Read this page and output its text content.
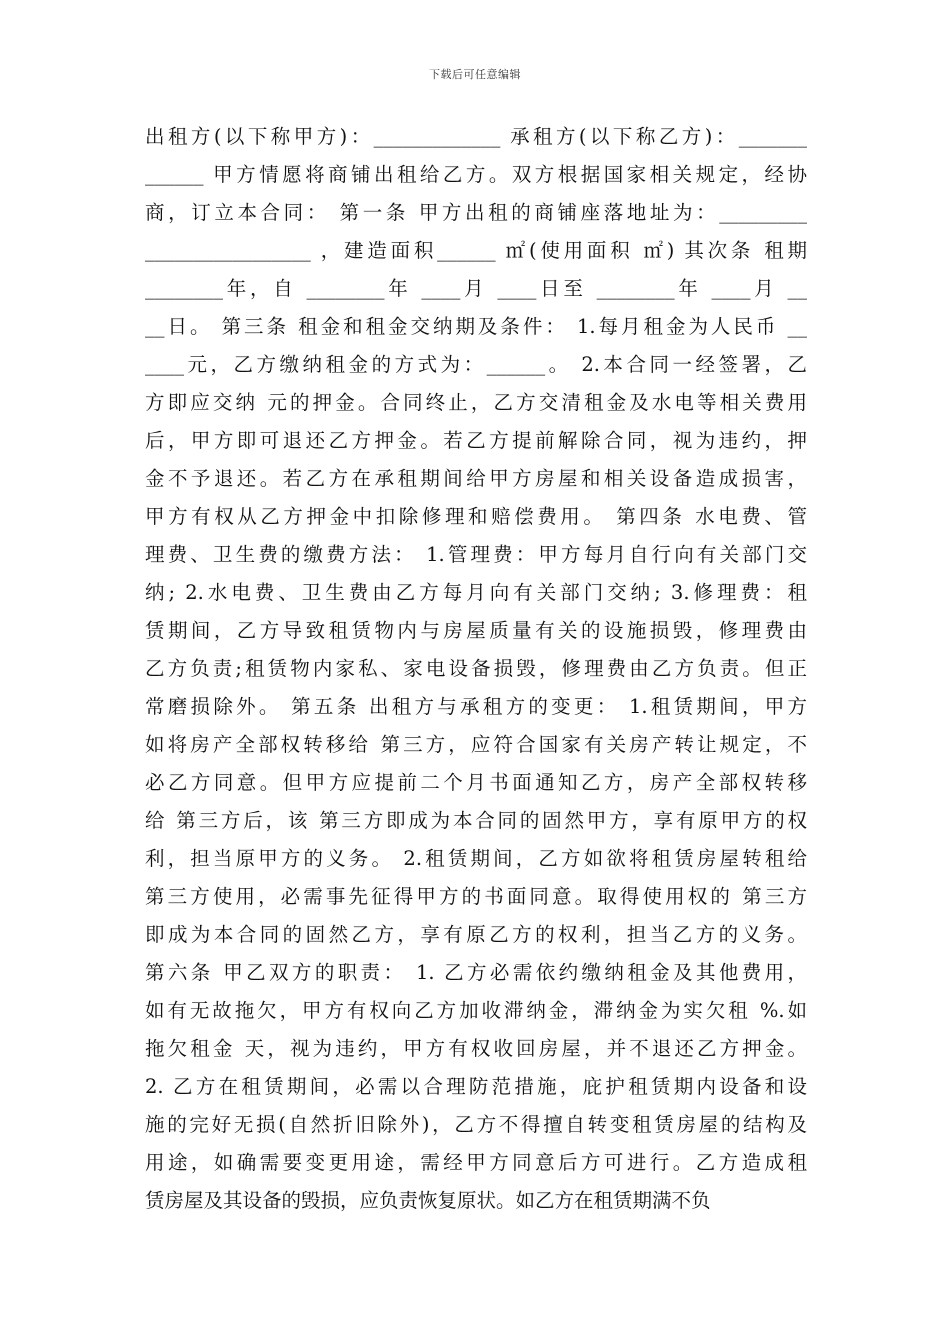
下载后可任意编辑
出租方(以下称甲方)：_____________ 承租方(以下称乙方)：_______
______ 甲方情愿将商铺出租给乙方。双方根据国家相关规定，经协
商，订立本合同： 第一条 甲方出租的商铺座落地址为：_________
_________________ ，建造面积______ ㎡(使用面积 ㎡) 其次条 租期
________年，自 ________年 ____月 ____日至 ________年 ____月 __
__日。 第三条 租金和租金交纳期及条件： 1.每月租金为人民币 __
____元，乙方缴纳租金的方式为：______。 2.本合同一经签署，乙
方即应交纳 元的押金。合同终止，乙方交清租金及水电等相关费用
后，甲方即可退还乙方押金。若乙方提前解除合同，视为违约，押
金不予退还。若乙方在承租期间给甲方房屋和相关设备造成损害，
甲方有权从乙方押金中扣除修理和赔偿费用。 第四条 水电费、管
理费、卫生费的缴费方法： 1.管理费：甲方每月自行向有关部门交
纳; 2.水电费、卫生费由乙方每月向有关部门交纳; 3.修理费：租
赁期间，乙方导致租赁物内与房屋质量有关的设施损毁，修理费由
乙方负责;租赁物内家私、家电设备损毁，修理费由乙方负责。但正
常磨损除外。 第五条 出租方与承租方的变更： 1.租赁期间，甲方
如将房产全部权转移给 第三方，应符合国家有关房产转让规定，不
必乙方同意。但甲方应提前二个月书面通知乙方，房产全部权转移
给 第三方后，该 第三方即成为本合同的固然甲方，享有原甲方的权
利，担当原甲方的义务。 2.租赁期间，乙方如欲将租赁房屋转租给
第三方使用，必需事先征得甲方的书面同意。取得使用权的 第三方
即成为本合同的固然乙方，享有原乙方的权利，担当乙方的义务。
第六条 甲乙双方的职责： 1. 乙方必需依约缴纳租金及其他费用，
如有无故拖欠，甲方有权向乙方加收滞纳金，滞纳金为实欠租 %.如
拖欠租金 天，视为违约，甲方有权收回房屋，并不退还乙方押金。
2. 乙方在租赁期间，必需以合理防范措施，庇护租赁期内设备和设
施的完好无损(自然折旧除外)，乙方不得擅自转变租赁房屋的结构及
用途，如确需要变更用途，需经甲方同意后方可进行。乙方造成租
赁房屋及其设备的毁损，应负责恢复原状。如乙方在租赁期满不负
